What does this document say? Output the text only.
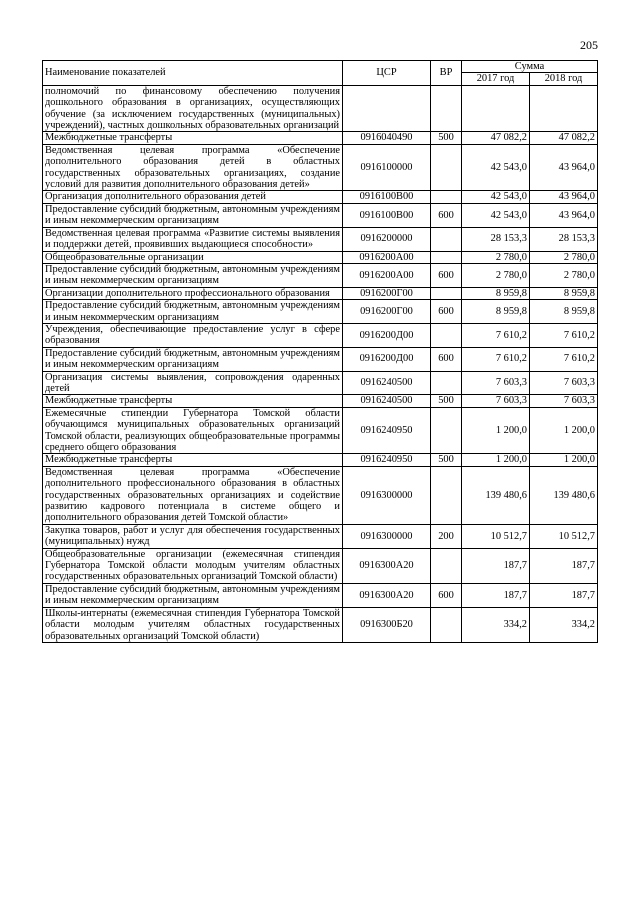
205
Наименование показателей	ЦСР	ВР	Сумма	
			2017 год	2018 год
полномочий по финансовому обеспечению получения дошкольного образования в организациях, осуществляющих обучение (за исключением государственных (муниципальных) учреждений), частных дошкольных образовательных организаций				
Межбюджетные трансферты	0916040490	500	47 082,2	47 082,2
Ведомственная целевая программа «Обеспечение дополнительного образования детей в областных государственных образовательных организациях, создание условий для развития дополнительного образования детей»	0916100000		42 543,0	43 964,0
Организация дополнительного образования детей	0916100В00		42 543,0	43 964,0
Предоставление субсидий бюджетным, автономным учреждениям и иным некоммерческим организациям	0916100В00	600	42 543,0	43 964,0
Ведомственная целевая программа «Развитие системы выявления и поддержки детей, проявивших выдающиеся способности»	0916200000		28 153,3	28 153,3
Общеобразовательные организации	0916200А00		2 780,0	2 780,0
Предоставление субсидий бюджетным, автономным учреждениям и иным некоммерческим организациям	0916200А00	600	2 780,0	2 780,0
Организации дополнительного профессионального образования	0916200Г00		8 959,8	8 959,8
Предоставление субсидий бюджетным, автономным учреждениям и иным некоммерческим организациям	0916200Г00	600	8 959,8	8 959,8
Учреждения, обеспечивающие предоставление услуг в сфере образования	0916200Д00		7 610,2	7 610,2
Предоставление субсидий бюджетным, автономным учреждениям и иным некоммерческим организациям	0916200Д00	600	7 610,2	7 610,2
Организация системы выявления, сопровождения одаренных детей	0916240500		7 603,3	7 603,3
Межбюджетные трансферты	0916240500	500	7 603,3	7 603,3
Ежемесячные стипендии Губернатора Томской области обучающимся муниципальных образовательных организаций Томской области, реализующих общеобразовательные программы среднего общего образования	0916240950		1 200,0	1 200,0
Межбюджетные трансферты	0916240950	500	1 200,0	1 200,0
Ведомственная целевая программа «Обеспечение дополнительного профессионального образования в областных государственных образовательных организациях и содействие развитию кадрового потенциала в системе общего и дополнительного образования детей Томской области»	0916300000		139 480,6	139 480,6
Закупка товаров, работ и услуг для обеспечения государственных (муниципальных) нужд	0916300000	200	10 512,7	10 512,7
Общеобразовательные организации (ежемесячная стипендия Губернатора Томской области молодым учителям областных государственных образовательных организаций Томской области)	0916300А20		187,7	187,7
Предоставление субсидий бюджетным, автономным учреждениям и иным некоммерческим организациям	0916300А20	600	187,7	187,7
Школы-интернаты (ежемесячная стипендия Губернатора Томской области молодым учителям областных государственных образовательных организаций Томской области)	0916300Б20		334,2	334,2
